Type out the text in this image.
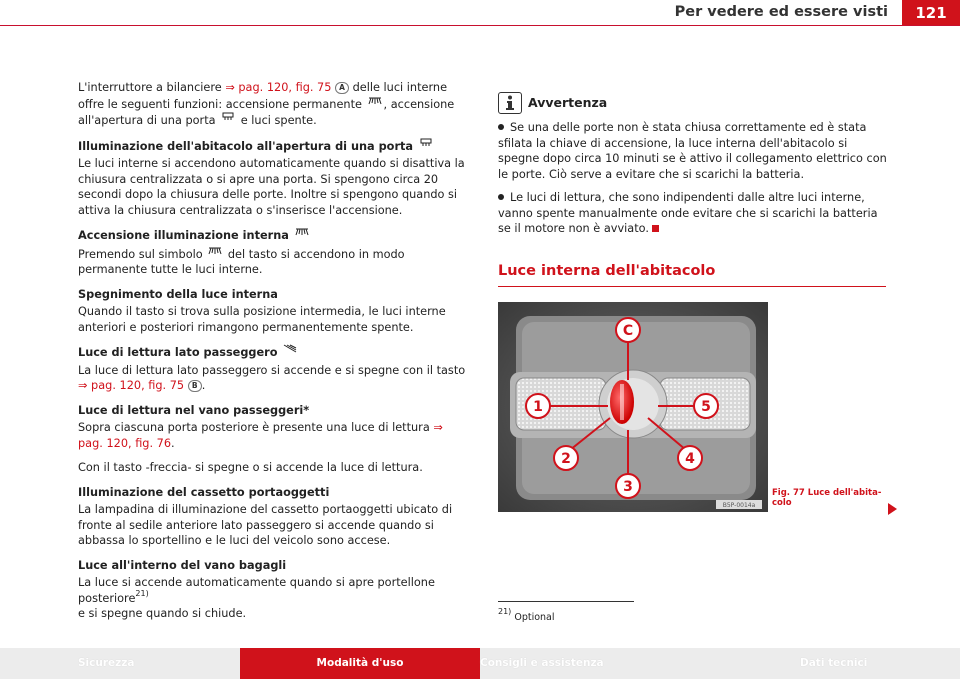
Per vedere ed essere visti	121

L'interruttore a bilanciere ⇒ pag. 120, fig. 75 A delle luci interne offre le seguenti funzioni: accensione permanente , accensione all'apertura di una porta  e luci spente.

Illuminazione dell'abitacolo all'apertura di una porta

Le luci interne si accendono automaticamente quando si disattiva la chiusura centralizzata o si apre una porta. Si spengono circa 20 secondi dopo la chiusura delle porte. Inoltre si spengono quando si attiva la chiusura centralizzata o s'inserisce l'accensione.

Accensione illuminazione interna

Premendo sul simbolo  del tasto si accendono in modo permanente tutte le luci interne.

Spegnimento della luce interna

Quando il tasto si trova sulla posizione intermedia, le luci interne anteriori e posteriori rimangono permanentemente spente.

Luce di lettura lato passeggero

La luce di lettura lato passeggero si accende e si spegne con il tasto
⇒ pag. 120, fig. 75 B .

Luce di lettura nel vano passeggeri*

Sopra ciascuna porta posteriore è presente una luce di lettura ⇒ pag. 120, fig. 76.

Con il tasto -freccia- si spegne o si accende la luce di lettura.

Illuminazione del cassetto portaoggetti

La lampadina di illuminazione del cassetto portaoggetti ubicato di fronte al sedile anteriore lato passeggero si accende quando si abbassa lo sportellino e le luci del veicolo sono accese.

Luce all'interno del vano bagagli

La luce si accende automaticamente quando si apre portellone posteriore$^{21)}$
e si spegne quando si chiude.

Avvertenza

Se una delle porte non è stata chiusa correttamente ed è stata sfilata la chiave di accensione, la luce interna dell'abitacolo si spegne dopo circa 10 minuti se è attivo il collegamento elettrico con le porte. Ciò serve a evitare che si scarichi la batteria.

Le luci di lettura, che sono indipendenti dalle altre luci interne, vanno spente manualmente onde evitare che si scarichi la batteria se il motore non è avviato.

Luce interna dell'abitacolo
C
1
2
3
4
5
B5P-0014a
Fig. 77 Luce dell'abita-
colo
$^{21)}$ Optional
Sicurezza	Modalità d'uso	Consigli e assistenza	Dati tecnici
